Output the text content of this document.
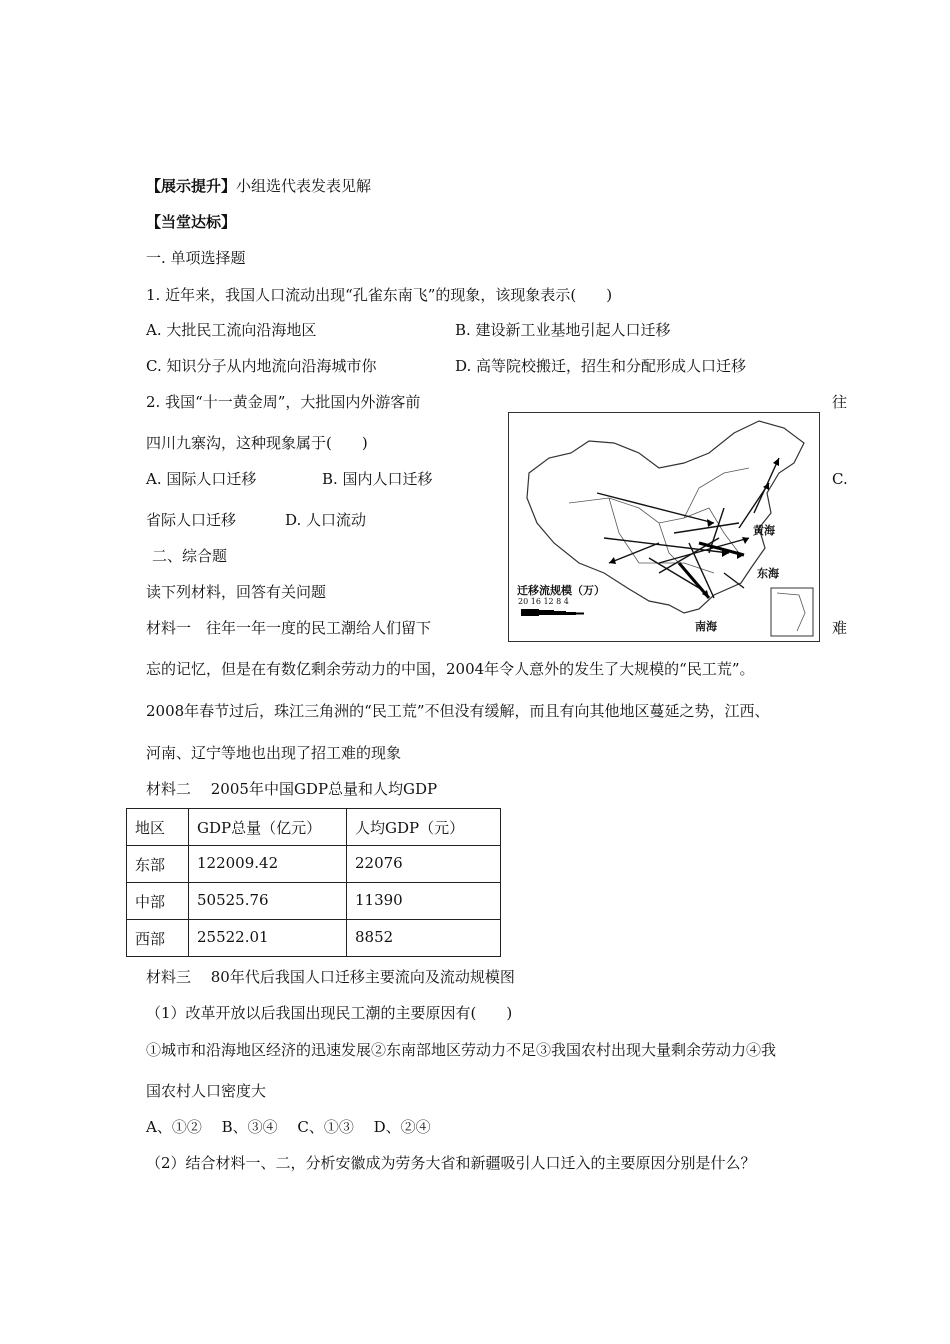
【展示提升】小组选代表发表见解
【当堂达标】
一. 单项选择题
1. 近年来，我国人口流动出现“孔雀东南飞”的现象，该现象表示(　　)
A. 大批民工流向沿海地区	B. 建设新工业基地引起人口迁移
C. 知识分子从内地流向沿海城市你	D. 高等院校搬迁，招生和分配形成人口迁移
2. 我国“十一黄金周”，大批国内外游客前	往
四川九寨沟，这种现象属于(　　)
A. 国际人口迁移	B. 国内人口迁移	C.
省际人口迁移	D. 人口流动
二、综合题
读下列材料，回答有关问题
材料一　往年一年一度的民工潮给人们留下	难
忘的记忆，但是在有数亿剩余劳动力的中国，2004年令人意外的发生了大规模的“民工荒”。
2008年春节过后，珠江三角洲的“民工荒”不但没有缓解，而且有向其他地区蔓延之势，江西、
河南、辽宁等地也出现了招工难的现象
材料二　 2005年中国GDP总量和人均GDP
迁移流规模（万）
20 16 12 8 4
黄海
东海
南海
地区	GDP总量（亿元）	人均GDP（元）
东部	122009.42	22076
中部	50525.76	11390
西部	25522.01	8852
材料三　 80年代后我国人口迁移主要流向及流动规模图
（1）改革开放以后我国出现民工潮的主要原因有(　　)
①城市和沿海地区经济的迅速发展②东南部地区劳动力不足③我国农村出现大量剩余劳动力④我
国农村人口密度大
A、①②　 B、③④　 C、①③　 D、②④
（2）结合材料一、二，分析安徽成为劳务大省和新疆吸引人口迁入的主要原因分别是什么？
